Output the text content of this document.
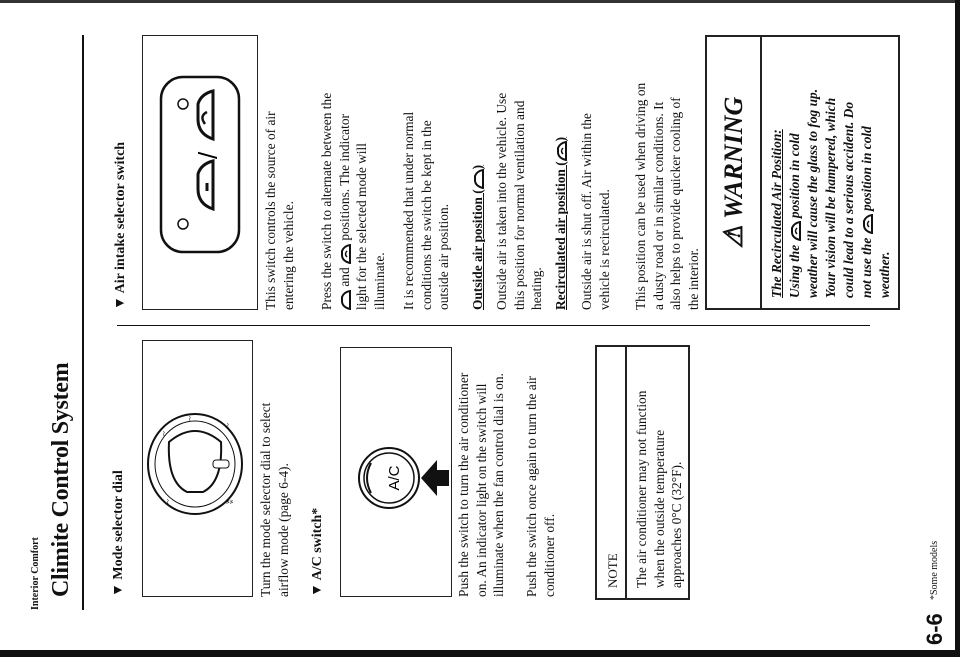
Interior Comfort Climite Control System	▼ Mode selector dial	~
~
~
~
ʬ Turn the mode selector dial to select airflow mode (page 6-4). ▼ A/C switch*
A/C	Push the switch to turn the air conditioner on. An indicator light on the switch will illuminate when the fan control dial is on. Push the switch once again to turn the air conditioner off.	NOTE	The air conditioner may not function when the outside temperature approaches 0°C (32°F).
▼ Air intake selector switch	/	This switch controls the source of air entering the vehicle. Press the switch to alternate between the and  positions. The indicator light for the selected mode will illuminate. It is recommended that under normal conditions the switch be kept in the outside air position. Outside air position () Outside air is taken into the vehicle. Use this position for normal ventilation and heating. Recirculated air position () Outside air is shut off. Air within the vehicle is recirculated. This position can be used when driving on a dusty road or in similar conditions. It also helps to provide quicker cooling of the interior.
⚠ WARNING	The Recirculated Air Position: Using the  position in cold weather will cause the glass to fog up. Your vision will be hampered, which could lead to a serious accident. Do not use the  position in cold
weather.
6-6
*Some models
